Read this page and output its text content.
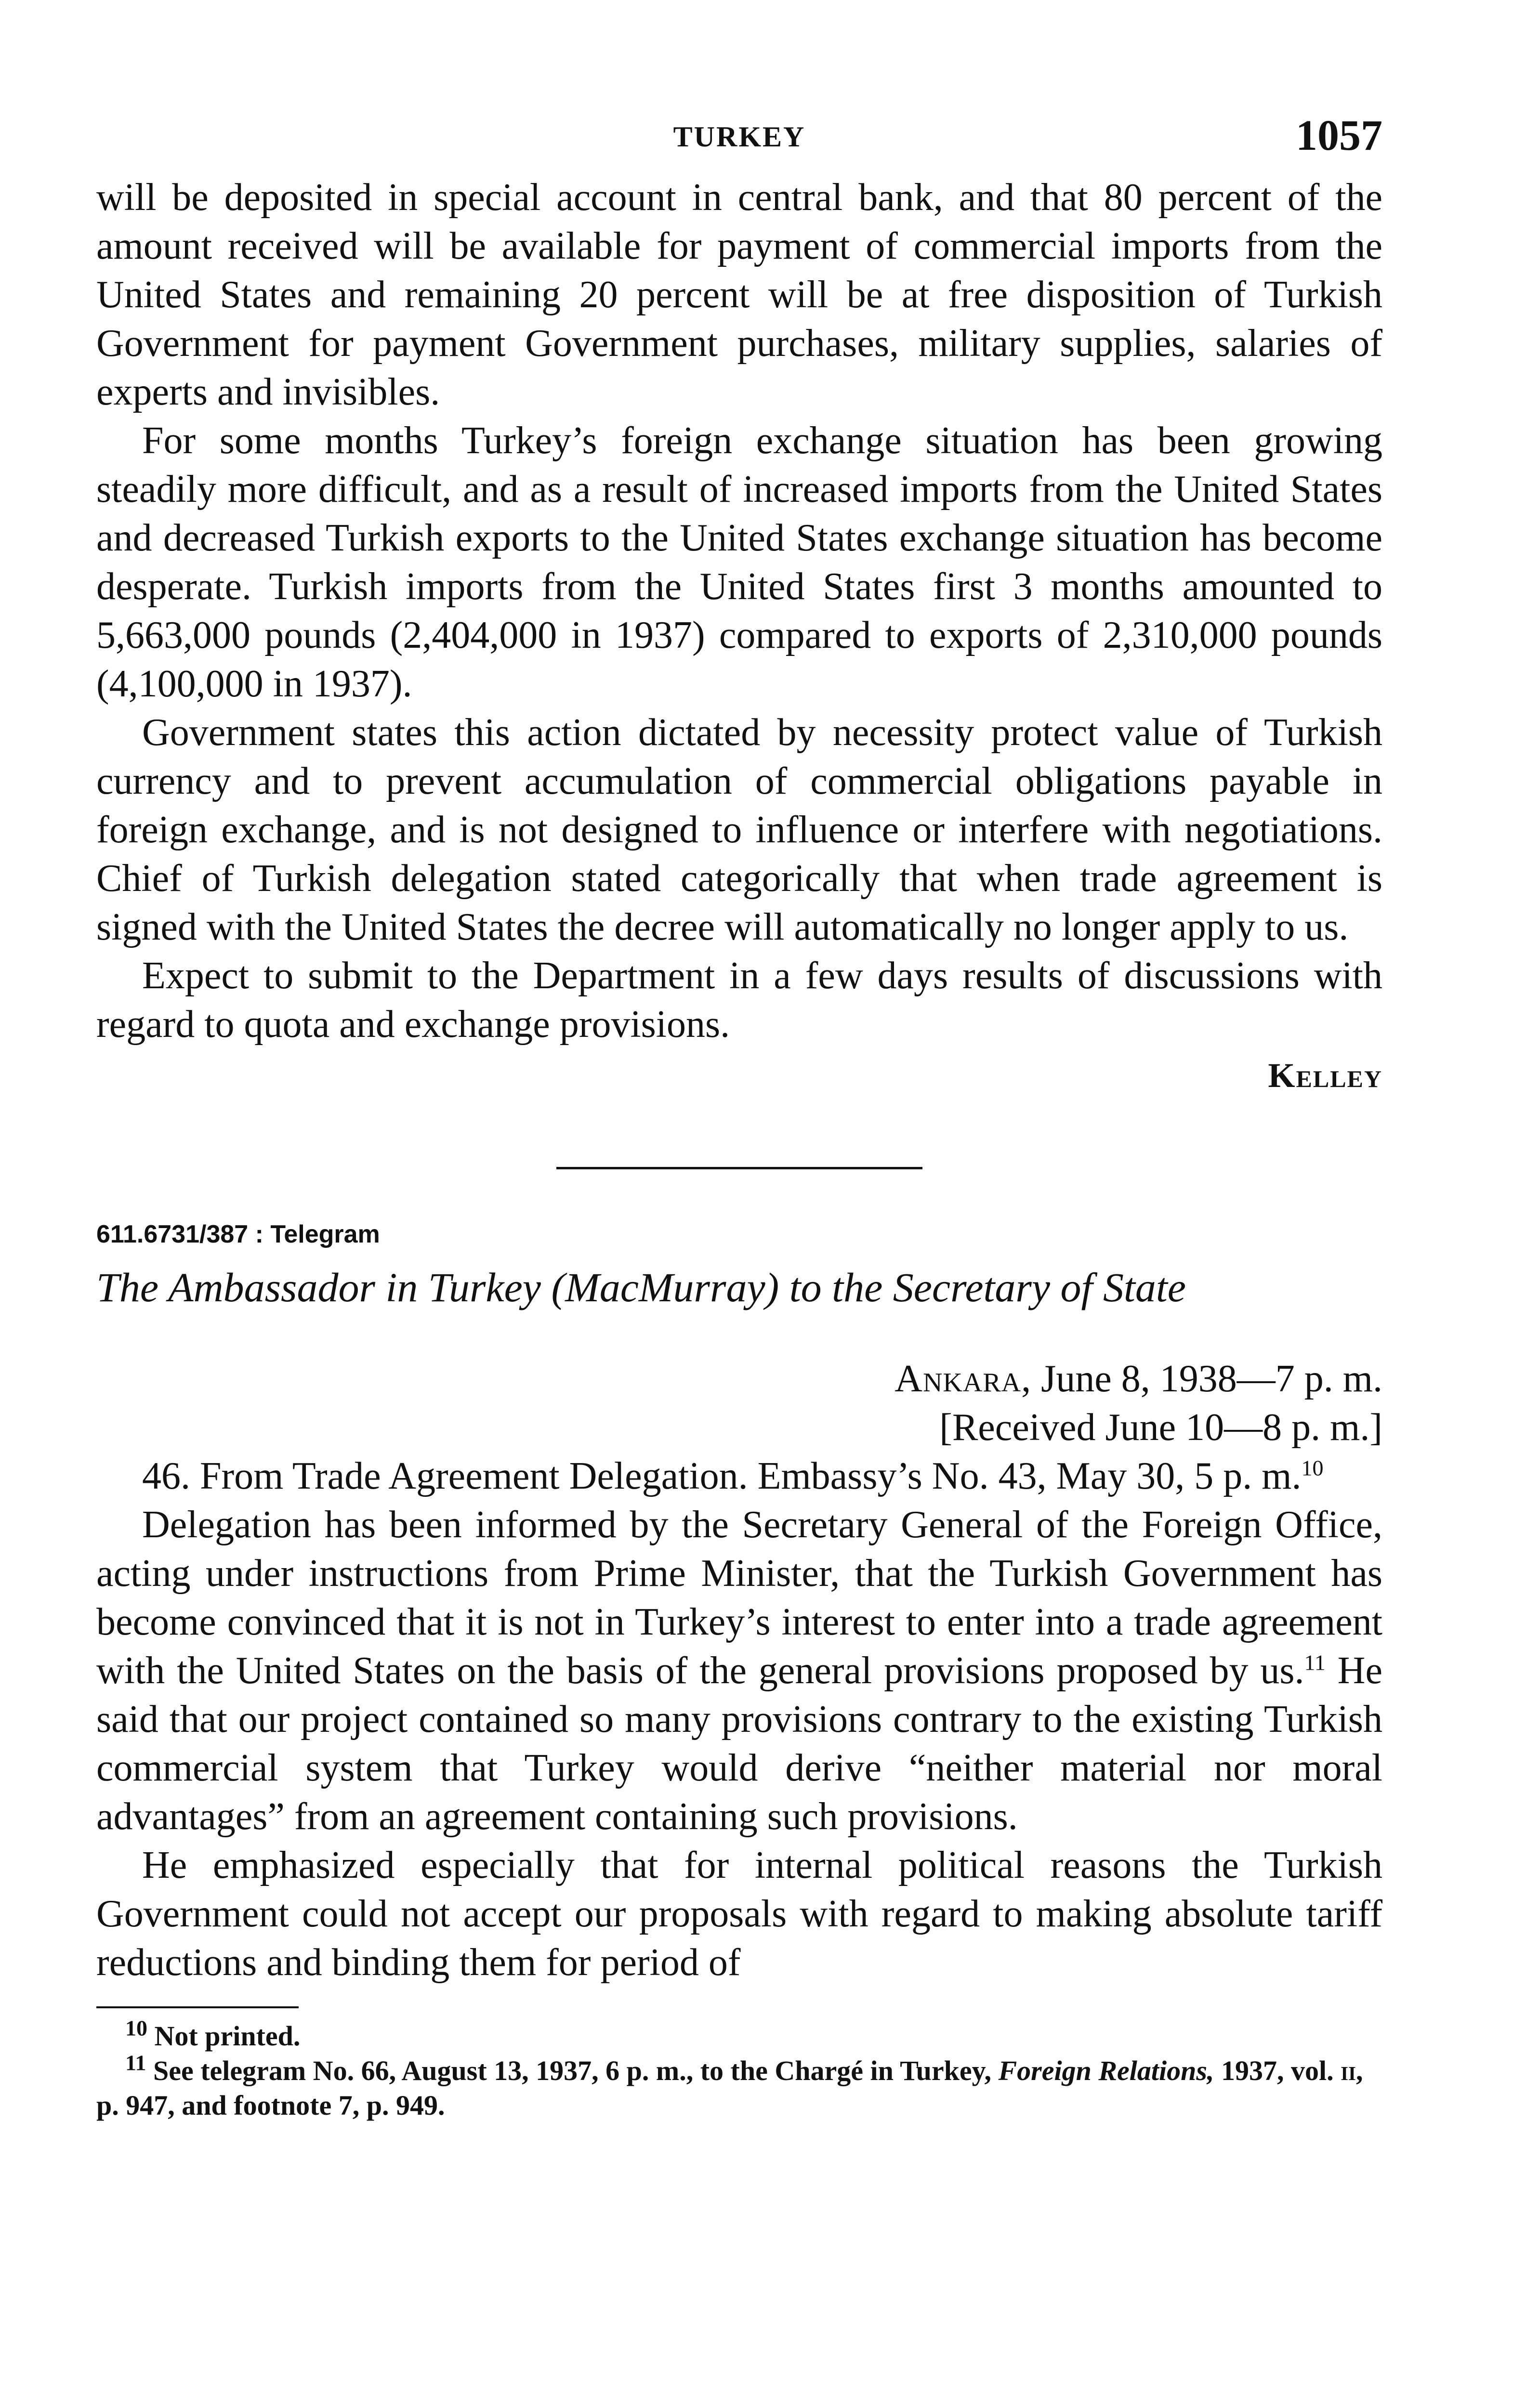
TURKEY	1057

will be deposited in special account in central bank, and that 80 percent of the amount received will be available for payment of commercial imports from the United States and remaining 20 percent will be at free disposition of Turkish Government for payment Government purchases, military supplies, salaries of experts and invisibles.

For some months Turkey’s foreign exchange situation has been growing steadily more difficult, and as a result of increased imports from the United States and decreased Turkish exports to the United States exchange situation has become desperate. Turkish imports from the United States first 3 months amounted to 5,663,000 pounds (2,404,000 in 1937) compared to exports of 2,310,000 pounds (4,100,000 in 1937).

Government states this action dictated by necessity protect value of Turkish currency and to prevent accumulation of commercial obligations payable in foreign exchange, and is not designed to influence or interfere with negotiations. Chief of Turkish delegation stated categorically that when trade agreement is signed with the United States the decree will automatically no longer apply to us.

Expect to submit to the Department in a few days results of discussions with regard to quota and exchange provisions.

Kelley
611.6731/387 : Telegram
The Ambassador in Turkey (MacMurray) to the Secretary of State
Ankara, June 8, 1938—7 p. m.
[Received June 10—8 p. m.]

46. From Trade Agreement Delegation. Embassy’s No. 43, May 30, 5 p. m.$^{10}$

Delegation has been informed by the Secretary General of the Foreign Office, acting under instructions from Prime Minister, that the Turkish Government has become convinced that it is not in Turkey’s interest to enter into a trade agreement with the United States on the basis of the general provisions proposed by us.$^{11}$ He said that our project contained so many provisions contrary to the existing Turkish commercial system that Turkey would derive “neither material nor moral advantages” from an agreement containing such provisions.

He emphasized especially that for internal political reasons the Turkish Government could not accept our proposals with regard to making absolute tariff reductions and binding them for period of

$^{10}$ Not printed.
$^{11}$ See telegram No. 66, August 13, 1937, 6 p. m., to the Chargé in Turkey, Foreign Relations, 1937, vol. ii, p. 947, and footnote 7, p. 949.
